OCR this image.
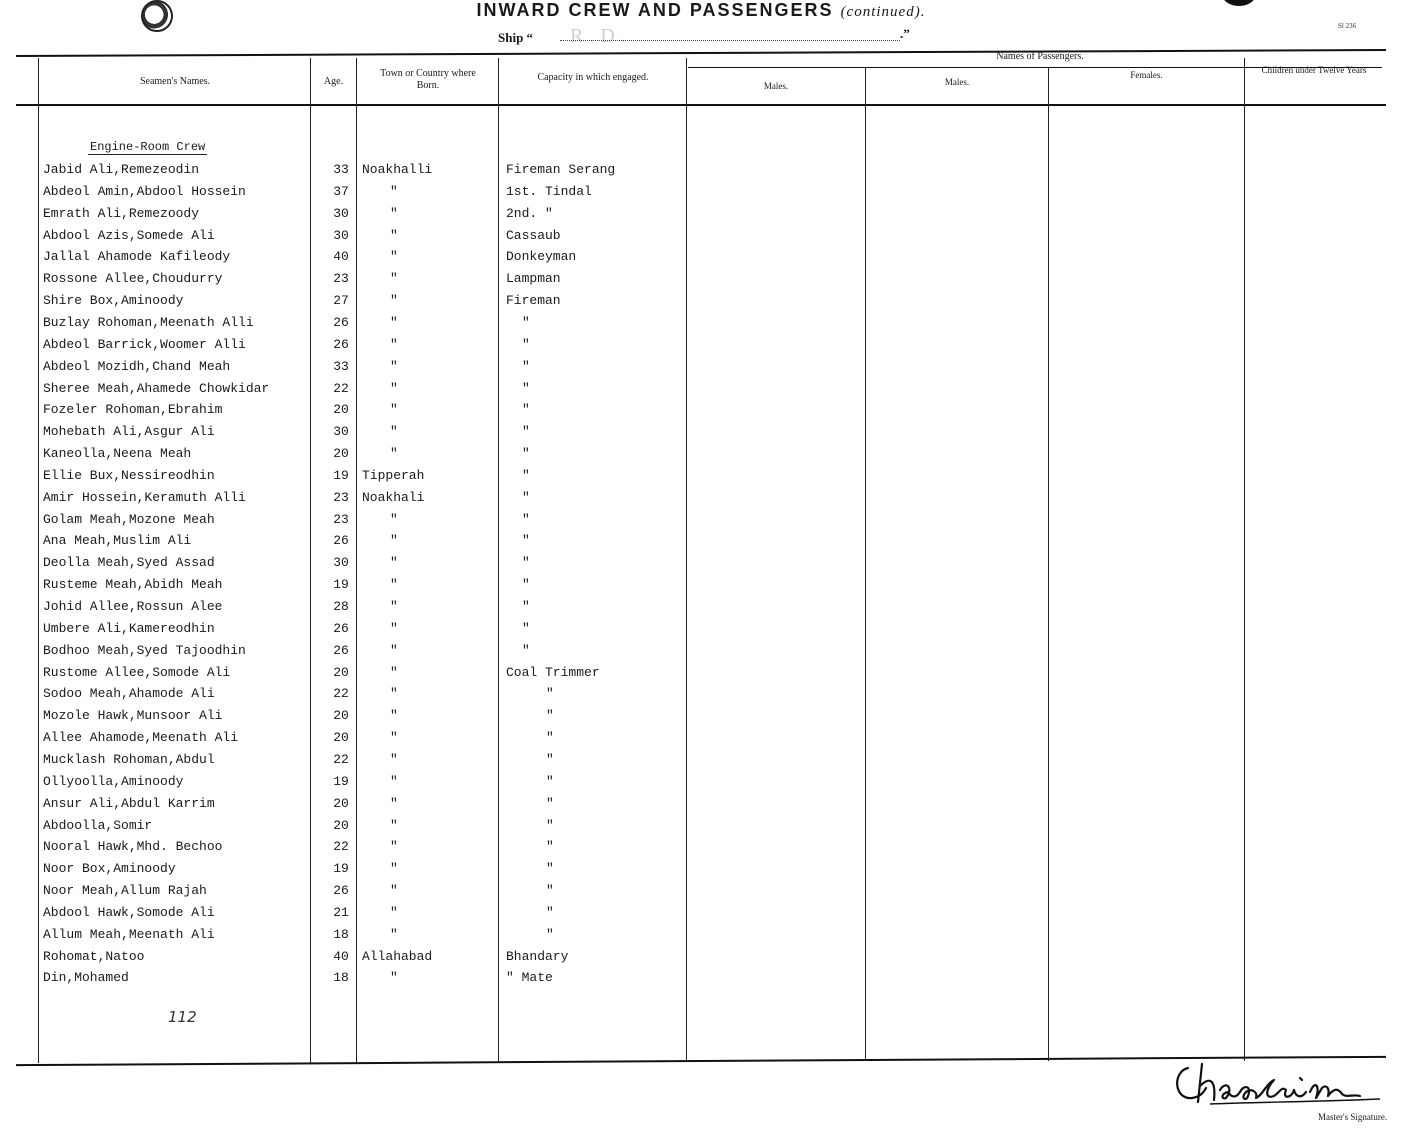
INWARD CREW AND PASSENGERS (continued).
Sl 236
Ship “ R.D.	.”
Seamen's Names.	Age.
Town or Country where Born.
Capacity in which engaged.
Names of Passengers.
Males.	Males.
Females.	Children under Twelve Years
Engine-Room Crew
Jabid Ali,Remezeodin	33	Noakhalli	Fireman Serang
Abdeol Amin,Abdool Hossein	37	"	1st. Tindal
Emrath Ali,Remezoody	30	"	2nd. "
Abdool Azis,Somede Ali	30	"	Cassaub
Jallal Ahamode Kafileody	40	"	Donkeyman
Rossone Allee,Choudurry	23	"	Lampman
Shire Box,Aminoody	27	"	Fireman
Buzlay Rohoman,Meenath Alli	26	"	"
Abdeol Barrick,Woomer Alli	26	"	"
Abdeol Mozidh,Chand Meah	33	"	"
Sheree Meah,Ahamede Chowkidar	22	"	"
Fozeler Rohoman,Ebrahim	20	"	"
Mohebath Ali,Asgur Ali	30	"	"
Kaneolla,Neena Meah	20	"	"
Ellie Bux,Nessireodhin	19	Tipperah	"
Amir Hossein,Keramuth Alli	23	Noakhali	"
Golam Meah,Mozone Meah	23	"	"
Ana Meah,Muslim Ali	26	"	"
Deolla Meah,Syed Assad	30	"	"
Rusteme Meah,Abidh Meah	19	"	"
Johid Allee,Rossun Alee	28	"	"
Umbere Ali,Kamereodhin	26	"	"
Bodhoo Meah,Syed Tajoodhin	26	"	"
Rustome Allee,Somode Ali	20	"	Coal Trimmer
Sodoo Meah,Ahamode Ali	22	"	"
Mozole Hawk,Munsoor Ali	20	"	"
Allee Ahamode,Meenath Ali	20	"	"
Mucklash Rohoman,Abdul	22	"	"
Ollyoolla,Aminoody	19	"	"
Ansur Ali,Abdul Karrim	20	"	"
Abdoolla,Somir	20	"	"
Nooral Hawk,Mhd. Bechoo	22	"	"
Noor Box,Aminoody	19	"	"
Noor Meah,Allum Rajah	26	"	"
Abdool Hawk,Somode Ali	21	"	"
Allum Meah,Meenath Ali	18	"	"
Rohomat,Natoo	40	Allahabad	Bhandary
Din,Mohamed	18	"	" Mate
112
Master's Signature.
